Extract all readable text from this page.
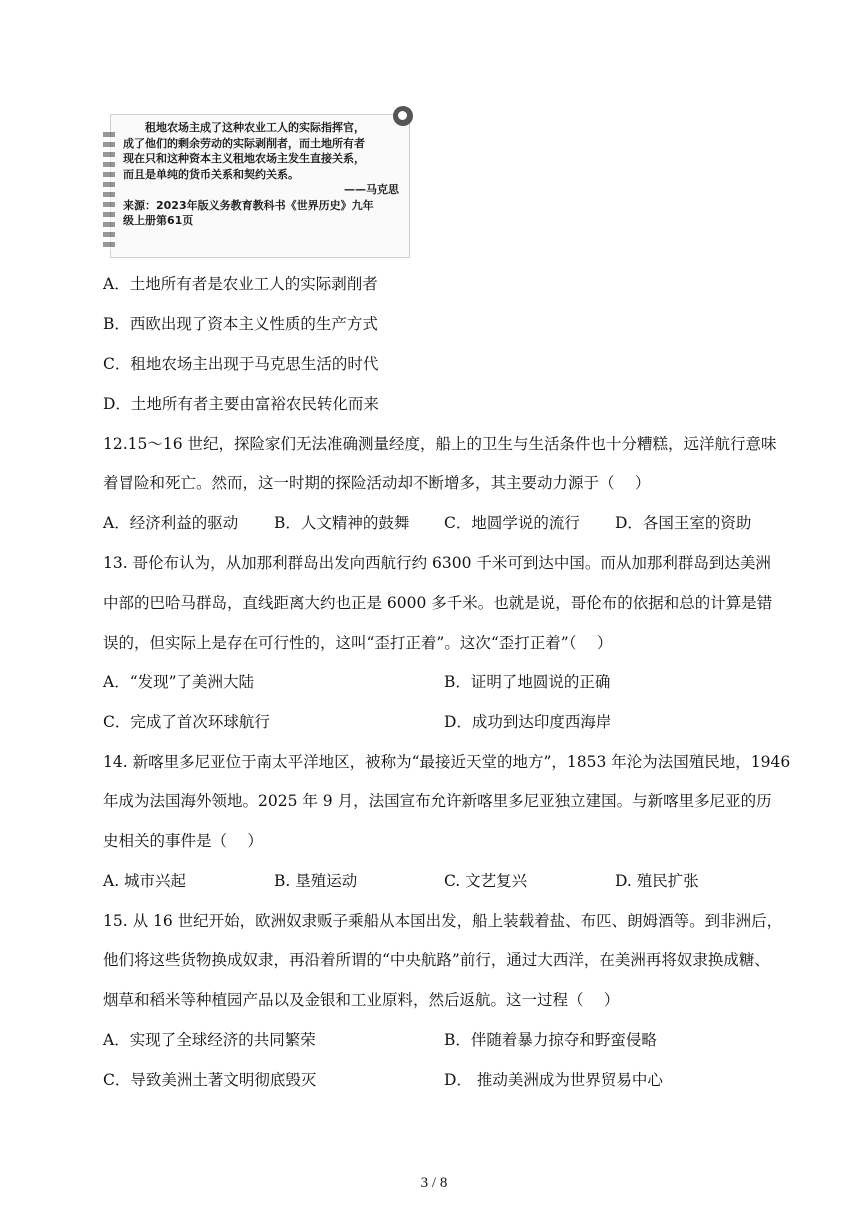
租地农场主成了这种农业工人的实际指挥官，

成了他们的剩余劳动的实际剥削者，而土地所有者

现在只和这种资本主义租地农场主发生直接关系，

而且是单纯的货币关系和契约关系。

——马克思

来源：2023年版义务教育教科书《世界历史》九年

级上册第61页

A．土地所有者是农业工人的实际剥削者
B．西欧出现了资本主义性质的生产方式
C．租地农场主出现于马克思生活的时代
D．土地所有者主要由富裕农民转化而来
12.15～16 世纪，探险家们无法准确测量经度，船上的卫生与生活条件也十分糟糕，远洋航行意味
着冒险和死亡。然而，这一时期的探险活动却不断增多，其主要动力源于（　 ）
A．经济利益的驱动 B．人文精神的鼓舞 C．地圆学说的流行 D．各国王室的资助
13. 哥伦布认为，从加那利群岛出发向西航行约 6300 千米可到达中国。而从加那利群岛到达美洲
中部的巴哈马群岛，直线距离大约也正是 6000 多千米。也就是说，哥伦布的依据和总的计算是错
误的，但实际上是存在可行性的，这叫“歪打正着”。这次“歪打正着”（　 ）
A．“发现”了美洲大陆	B．证明了地圆说的正确
C．完成了首次环球航行	D．成功到达印度西海岸
14. 新喀里多尼亚位于南太平洋地区，被称为“最接近天堂的地方”，1853 年沦为法国殖民地，1946
年成为法国海外领地。2025 年 9 月，法国宣布允许新喀里多尼亚独立建国。与新喀里多尼亚的历
史相关的事件是（　 ）
A. 城市兴起	B. 垦殖运动	C. 文艺复兴	D. 殖民扩张
15. 从 16 世纪开始，欧洲奴隶贩子乘船从本国出发，船上装载着盐、布匹、朗姆酒等。到非洲后，
他们将这些货物换成奴隶，再沿着所谓的“中央航路”前行，通过大西洋，在美洲再将奴隶换成糖、
烟草和稻米等种植园产品以及金银和工业原料，然后返航。这一过程（　 ）
A．实现了全球经济的共同繁荣	B．伴随着暴力掠夺和野蛮侵略
C．导致美洲土著文明彻底毁灭	D． 推动美洲成为世界贸易中心
3 / 8
